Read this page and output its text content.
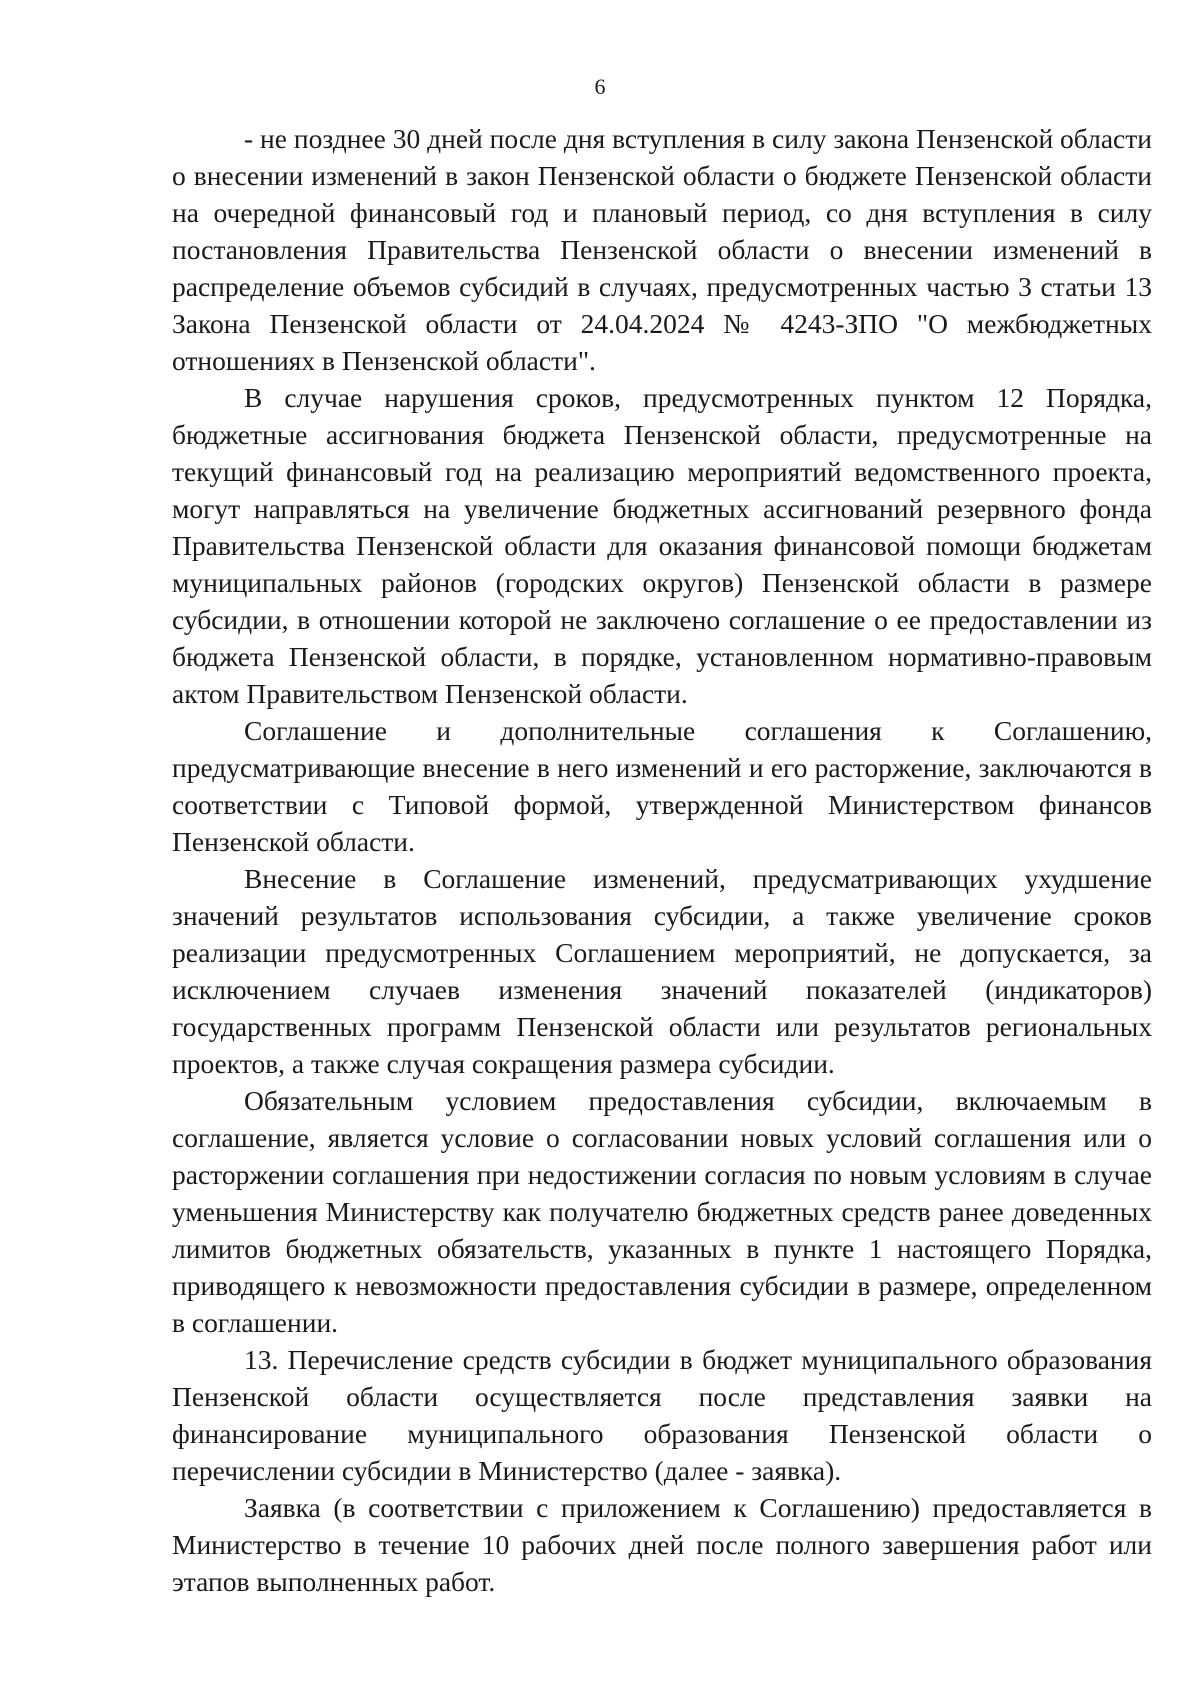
6

- не позднее 30 дней после дня вступления в силу закона Пензенской области о внесении изменений в закон Пензенской области о бюджете Пензенской области на очередной финансовый год и плановый период, со дня вступления в силу постановления Правительства Пензенской области о внесении изменений в распределение объемов субсидий в случаях, предусмотренных частью 3 статьи 13 Закона Пензенской области от 24.04.2024 № 4243-ЗПО "О межбюджетных отношениях в Пензенской области".

В случае нарушения сроков, предусмотренных пунктом 12 Порядка, бюджетные ассигнования бюджета Пензенской области, предусмотренные на текущий финансовый год на реализацию мероприятий ведомственного проекта, могут направляться на увеличение бюджетных ассигнований резервного фонда Правительства Пензенской области для оказания финансовой помощи бюджетам муниципальных районов (городских округов) Пензенской области в размере субсидии, в отношении которой не заключено соглашение о ее предоставлении из бюджета Пензенской области, в порядке, установленном нормативно-правовым актом Правительством Пензенской области.

Соглашение и дополнительные соглашения к Соглашению, предусматривающие внесение в него изменений и его расторжение, заключаются в соответствии с Типовой формой, утвержденной Министерством финансов Пензенской области.

Внесение в Соглашение изменений, предусматривающих ухудшение значений результатов использования субсидии, а также увеличение сроков реализации предусмотренных Соглашением мероприятий, не допускается, за исключением случаев изменения значений показателей (индикаторов) государственных программ Пензенской области или результатов региональных проектов, а также случая сокращения размера субсидии.

Обязательным условием предоставления субсидии, включаемым в соглашение, является условие о согласовании новых условий соглашения или о расторжении соглашения при недостижении согласия по новым условиям в случае уменьшения Министерству как получателю бюджетных средств ранее доведенных лимитов бюджетных обязательств, указанных в пункте 1 настоящего Порядка, приводящего к невозможности предоставления субсидии в размере, определенном в соглашении.

13. Перечисление средств субсидии в бюджет муниципального образования Пензенской области осуществляется после представления заявки на финансирование муниципального образования Пензенской области о перечислении субсидии в Министерство (далее - заявка).

Заявка (в соответствии с приложением к Соглашению) предоставляется в Министерство в течение 10 рабочих дней после полного завершения работ или этапов выполненных работ.
